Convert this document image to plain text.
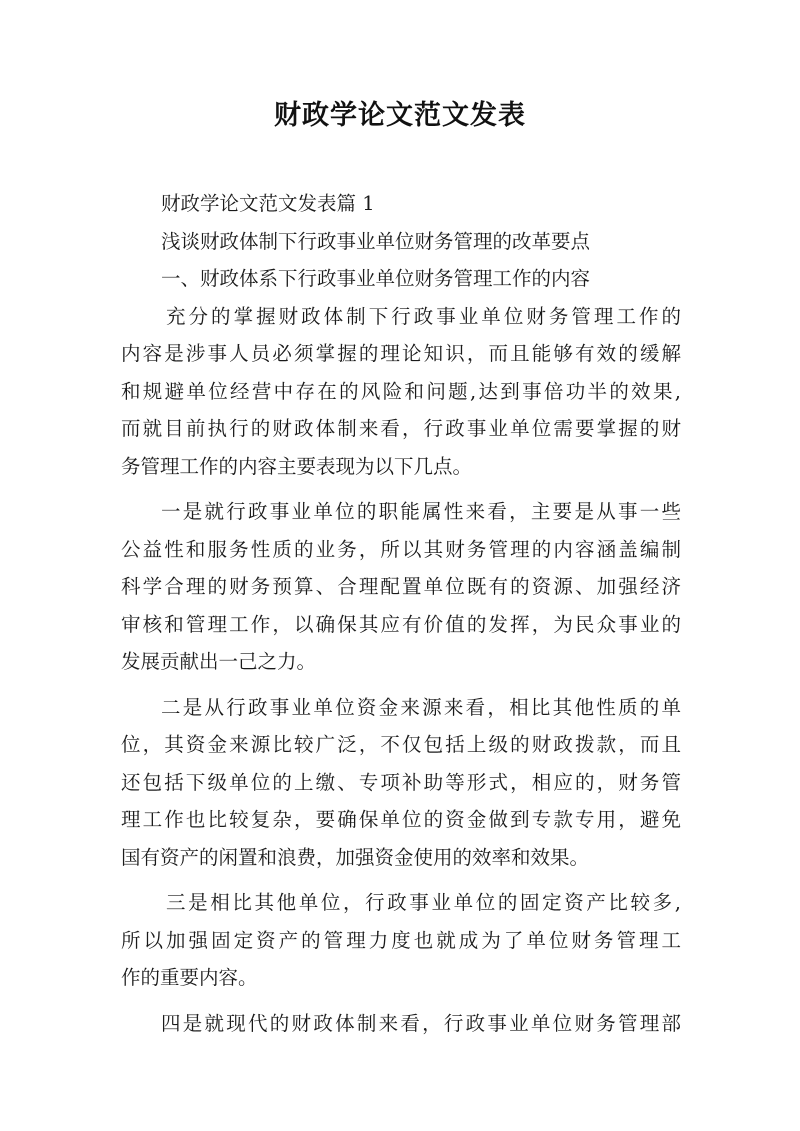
财政学论文范文发表
财政学论文范文发表篇 1
浅谈财政体制下行政事业单位财务管理的改革要点
一、财政体系下行政事业单位财务管理工作的内容
充分的掌握财政体制下行政事业单位财务管理工作的
内容是涉事人员必须掌握的理论知识，而且能够有效的缓解
和规避单位经营中存在的风险和问题,达到事倍功半的效果,
而就目前执行的财政体制来看，行政事业单位需要掌握的财
务管理工作的内容主要表现为以下几点。
一是就行政事业单位的职能属性来看，主要是从事一些
公益性和服务性质的业务，所以其财务管理的内容涵盖编制
科学合理的财务预算、合理配置单位既有的资源、加强经济
审核和管理工作，以确保其应有价值的发挥，为民众事业的
发展贡献出一己之力。
二是从行政事业单位资金来源来看，相比其他性质的单
位，其资金来源比较广泛，不仅包括上级的财政拨款，而且
还包括下级单位的上缴、专项补助等形式，相应的，财务管
理工作也比较复杂，要确保单位的资金做到专款专用，避免
国有资产的闲置和浪费，加强资金使用的效率和效果。
三是相比其他单位，行政事业单位的固定资产比较多,
所以加强固定资产的管理力度也就成为了单位财务管理工
作的重要内容。
四是就现代的财政体制来看，行政事业单位财务管理部
